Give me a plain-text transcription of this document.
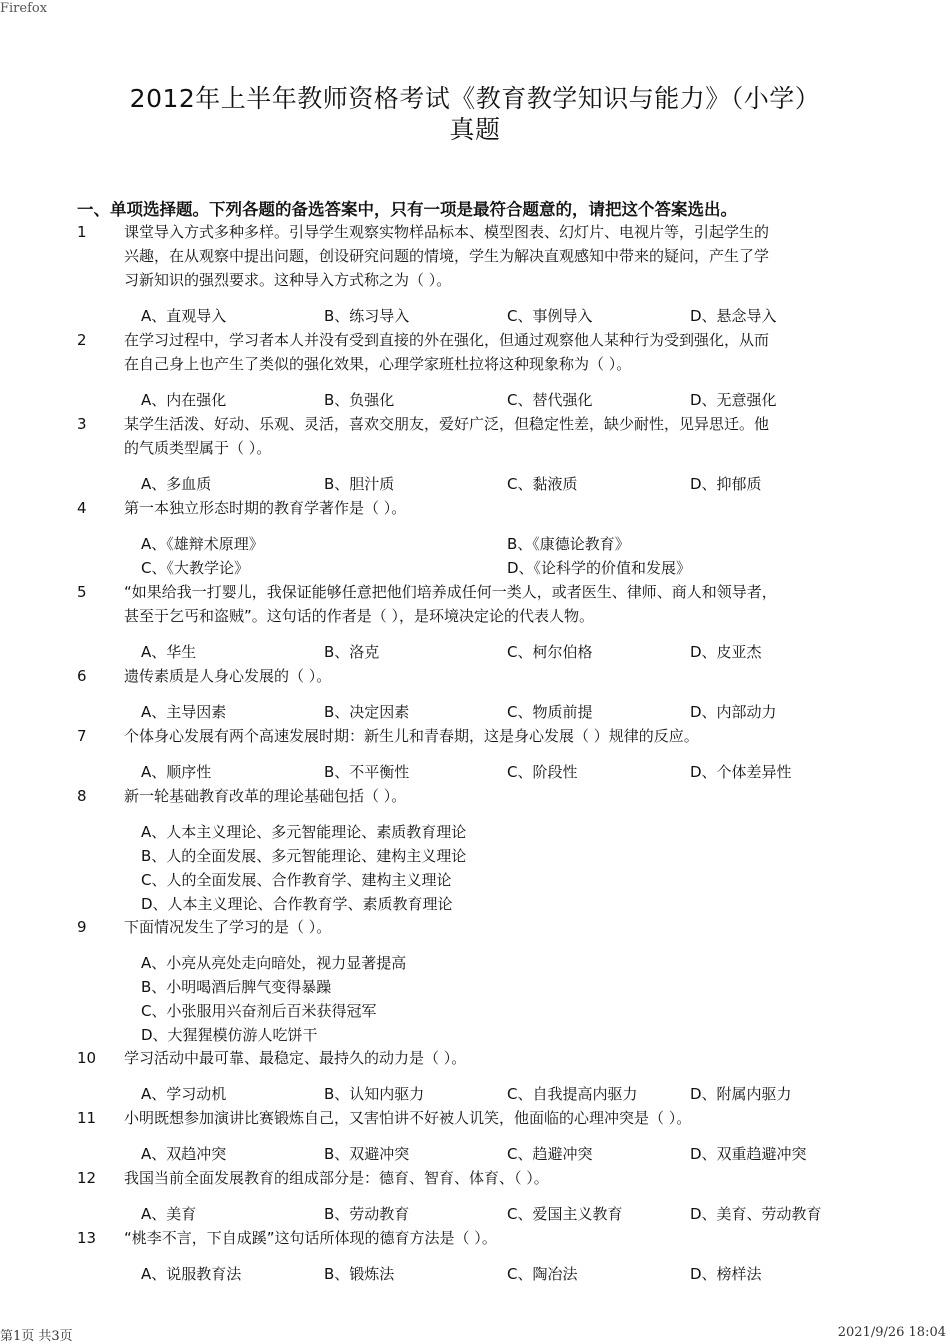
Firefox
2012年上半年教师资格考试《教育教学知识与能力》（小学）
真题
一、单项选择题。下列各题的备选答案中，只有一项是最符合题意的，请把这个答案选出。
1 课堂导入方式多种多样。引导学生观察实物样品标本、模型图表、幻灯片、电视片等，引起学生的
兴趣，在从观察中提出问题，创设研究问题的情境，学生为解决直观感知中带来的疑问，产生了学
习新知识的强烈要求。这种导入方式称之为（ ）。
A、直观导入	B、练习导入	C、事例导入	D、悬念导入
2 在学习过程中，学习者本人并没有受到直接的外在强化，但通过观察他人某种行为受到强化，从而
在自己身上也产生了类似的强化效果，心理学家班杜拉将这种现象称为（ ）。
A、内在强化	B、负强化	C、替代强化	D、无意强化
3 某学生活泼、好动、乐观、灵活，喜欢交朋友，爱好广泛，但稳定性差，缺少耐性，见异思迁。他
的气质类型属于（ ）。
A、多血质	B、胆汁质	C、黏液质	D、抑郁质
4 第一本独立形态时期的教育学著作是（ ）。
A、《雄辩术原理》	B、《康德论教育》
C、《大教学论》	D、《论科学的价值和发展》
5 “如果给我一打婴儿，我保证能够任意把他们培养成任何一类人，或者医生、律师、商人和领导者，
甚至于乞丐和盗贼”。这句话的作者是（ ），是环境决定论的代表人物。
A、华生	B、洛克	C、柯尔伯格	D、皮亚杰
6 遗传素质是人身心发展的（ ）。
A、主导因素	B、决定因素	C、物质前提	D、内部动力
7 个体身心发展有两个高速发展时期：新生儿和青春期，这是身心发展（ ）规律的反应。
A、顺序性	B、不平衡性	C、阶段性	D、个体差异性
8 新一轮基础教育改革的理论基础包括（ ）。
A、人本主义理论、多元智能理论、素质教育理论
B、人的全面发展、多元智能理论、建构主义理论
C、人的全面发展、合作教育学、建构主义理论
D、人本主义理论、合作教育学、素质教育理论
9 下面情况发生了学习的是（ ）。
A、小亮从亮处走向暗处，视力显著提高
B、小明喝酒后脾气变得暴躁
C、小张服用兴奋剂后百米获得冠军
D、大猩猩模仿游人吃饼干
10 学习活动中最可靠、最稳定、最持久的动力是（ ）。
A、学习动机	B、认知内驱力	C、自我提高内驱力	D、附属内驱力
11 小明既想参加演讲比赛锻炼自己，又害怕讲不好被人讥笑，他面临的心理冲突是（ ）。
A、双趋冲突	B、双避冲突	C、趋避冲突	D、双重趋避冲突
12 我国当前全面发展教育的组成部分是：德育、智育、体育、（ ）。
A、美育	B、劳动教育	C、爱国主义教育	D、美育、劳动教育
13 “桃李不言，下自成蹊”这句话所体现的德育方法是（ ）。
A、说服教育法	B、锻炼法	C、陶冶法	D、榜样法
第1页 共3页	2021/9/26 18:04
